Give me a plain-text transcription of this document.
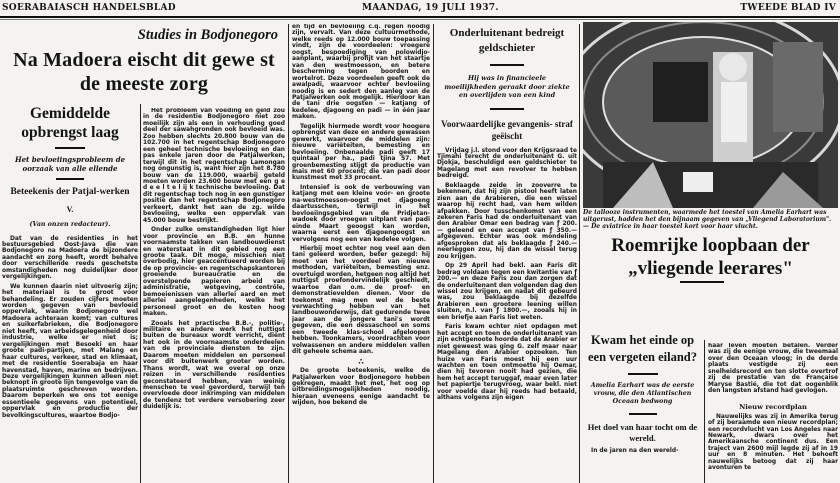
SOERABAIASCH HANDELSBLAD	MAANDAG, 19 JULI 1937.	TWEEDE BLAD IV
Studies in Bodjonegoro
Na Madoera eischt dit gewe st de meeste zorg
Gemiddelde opbrengst laag
Het bevloeiingsprobleem de oorzaak van alle ellende
Beteekenis der Patjal-werken
V.
(Van onzen redacteur).

Dat van de residenties in het bestuursgebied Oost-Java die van Bodjonegoro na Madoera de bijzondere aandacht en zorg heeft, wordt behalve door verschillende reeds geschetste omstandigheden nog duidelijker door vergelijkingen.

We kunnen daarin niet uitvoerig zijn; het materiaal is te groot voor behandeling. Er zouden cijfers moeten worden gegeven van bevloeid oppervlak, waarin Bodjonegoro wel Madoera achteraan komt; van cultures en suikerfabrieken, die Bodjonegoro niet heeft, van arbeidsgelegenheid door industrie, welke er niet is; vergelijkingen met Besoeki en haar groote padi-partijen, met Malang en haar cultures, verkeer, stad en klimaat, met de residentie Soerabaja en haar havenstad, haven, marine en bedrijven. Deze vergelijkingen kunnen alleen niet beknopt in groote lijn tengevolge van de plaatsruimte geschreven worden. Daarom beperken we ons tot eenige essentieele gegevens van potentieel, oppervlak en productie der bevolkingscultures, waartoe Bodjo-

Het probleem van voeding en geld zou in de residentie Bodjonegoro niet zoo moeilijk zijn als een in verhouding goed deel der sawahgronden ook bevloeid was. Zoo hebben slechts 20.800 bouw van de 102.700 in het regentschap Bodjonegoro een geheel technische bevloeiing en dan pas enkele jaren door de Patjalwerken, terwijl dit in het regentschap Lamongan nog ongunstig is, want hier zijn het 8.780 bouw van de 119.000, waarbij geteld moeten worden 23.600 bouw met een g e d e e l t e l ij k technische bevloeiing. Dat dit regentschap toch nog in een gunstiger positie dan het regentschap Bodjonegoro verkeert, dankt het aan de zg. wilde bevloeiing, welke een oppervlak van 45.000 bouw bestrijkt.

Onder zulke omstandigheden ligt hier voor provincie en B.B. en hunne voornaamste takken van landbouwdienst en waterstaat in dit gebied nog een groote taak. Dit moge, misschien niet overbodig, hier geaccentueerd worden bij de op provincie- en regentschapskantoren groeiende bureaucratie en de overstelpende papieren arbeid van administratie, wetgeving, contrôle, bemoeienissen van allerlei aard en met allerlei aangelegenheden, welke het personeel groot en de kosten hoog maken.

Zooals het practische B.B.-, politie-, militaire en andere werk het nuttigst buiten de bureaux wordt verricht, dient het ook in de voornaamste onderdeelen van de provinciale diensten te zijn. Daarom moeten middelen en personeel voor dit buitenwerk grooter worden. Thans wordt, wat we overal op onze reizen in verschillende residenties geconstateerd hebben, van weinig menschen te veel gevorderd, terwijl ten overvloede door inkrimping van middelen de tendenz tot verdere versobering zeer duidelijk is.

èn tijd èn bevloeiing c.q. regen noodig zijn, vervalt. Van deze cultuurmethode, welke reeds op 12.000 bouw toepassing vindt, zijn de voordeelen: vroegere oogst, bespoediging van polowidjo-aanplant, waarbij profijt van het staartje van den westmoesson, en betere bescherming tegen boorden en wortelrot. Deze voordeelen geeft ook de awalpadi, waarvoor echter bevloeiing noodig is en sedert den aanleg van de Patjalwerken ook mogelijk. Hierdoor kan de tani drie oogsten — katjang of kedelee, djagoeng en padi — in één jaar maken.

Tegelijk hiermede wordt voor hoogere opbrengst van deze en andere gewassen gewerkt, waarvoor de middelen zijn: nieuwe variëteiten, bemesting en bevloeiing. Onbenaalde padi geeft 17 quintaal per ha., padi tjina 57. Met groenbemesting stijgt de productie van maïs met 60 procent; die van padi door kunstmest met 33 procent.

Intensief is ook de verbouwing van katjang met een kleine voór- en groote na-westmoesson-oogst met djagoeng daartusschen, terwijl in het bevloeiingsgebied van de Pridjetan-wadoek door vroegen uitplant van padi einde Maart geoogst kan worden, waarna eerst een djagoengoogst en vervolgens nog een van kedelee volgen.

Hierbij moet echter nog veel aan den tani geleerd worden, beter gezegd: hij moet van het voordeel van nieuwe methoden, variëteiten, bemesting enz. overtuigd worden, hetgeen nog altijd het nuttigst proefondervindelijk geschiedt, waartoe dan o.m. de proef- en demonstratievelden dienen. Voor de toekomst mag men wel de beste verwachting hebben van het landbouwonderwijs, dat gedurende twee jaar aan de jongere tani's wordt gegeven, die een dessaschool en soms een tweede klas-school afgeloopen hebben. Toonkamers, voordrachten voor volwassenen en andere middelen vallen dit geheele schema aan.

∴

De groote beteekenis, welke de Patjalwerken voor Bodjonegoro hebben gekregen, maakt het met, het oog op uitbreidingsmogelijkheden noodig, hieraan eveneens eenige aandacht te wijden, hoe bekend de

Onderluitenant bedreigt geldschieter
Hij was in financieele moeilijkheden geraakt door ziekte en overlijden van een kind
Voorwaardelijke gevangenis- straf geëischt

Vrijdag j.l. stond voor den Krijgsraad te Tjimahi terecht de onderluitenant G. uit Djokja, beschuldigd een geldschieter te Magelang met een revolver te hebben bedreigd.

Beklaagde zeide in zooverre te bekennen, dat hij zijn pistool heeft laten zien aan de Arabieren, die een wissel waarop hij recht had, van hem wilden afpakken. Door tusschenkomst van een zekeren Faris had de onderluitenant van den Arabier Omar een bedrag van ƒ 200.— geleend en een accept van ƒ 350.— afgegeven. Echter was ook mondeling afgesproken dat als beklaagde ƒ 240.— neerleggen zou, hij dan de wissel terug zou krijgen.

Op 29 April had bekl. aan Faris dit bedrag voldaan tegen een kwitantie van ƒ 200.— en deze Faris zou dan zorgen dat de onderluitenant den volgenden dag den wissel zou krijgen, en nadat dit gebeurd was, zou beklaagde bij dezelfde Arabieren een grootere leening willen sluiten, n.l. van ƒ 1800.—, zooals hij in een briefje aan Faris liet weten.

Faris kwam echter niet opdagen met het accept en toen de onderluitenant van zijn echtgenoote hoorde dat de Arabier er niet geweest was ging G. zelf maar naar Magelang den Arabier opzoeken. Ten huize van Faris moest hij een uur wachten en toen ontmoette hij Oemar, dien hij tevoren nooit had gezien, die hem het accept teruggaf, maar even later het papiertje terugvroeg, waar bekl. niet voor voelde daar hij reeds had betaald, althans volgens zijn eigen

De tallooze instrumenten, waarmede het toestel van Amelia Earhart was uitgerust, hadden het den bijnaam gegeven van „Vliegend Laboratorium". — De aviatrice in haar toestel kort voor haar vlucht.
Roemrijke loopbaan der „vliegende leerares"
Kwam het einde op een vergeten eiland?
Amelia Earhart was de eerste vrouw, die den Atlantischen Oceaan bedwong
Het doel van haar tocht om de wereld.

In de jaren na den wereld-

haar leven moeten betalen. Verder was zij de eenige vrouw, die tweemaal over den Oceaan vloog; in de derde plaats vestigde zij een snelheidsrecord en ten slotte overtrof zij de prestatie van de Française Maryse Bastié, die tot dat oogenblik den langsten afstand had gevlogen.

Nieuw recordplan

Nauwelijks was zij in Amerika terug of zij beraamde een nieuw recordplan; een recordvlucht van Los Angeles naar Newark, dwars over het Amerikaansche continent dus. Een traject van 2600 mijl legde zij af in 19 uur en 8 minuten. Het behoeft nauwelijks betoog dat zij haar avonturen te
